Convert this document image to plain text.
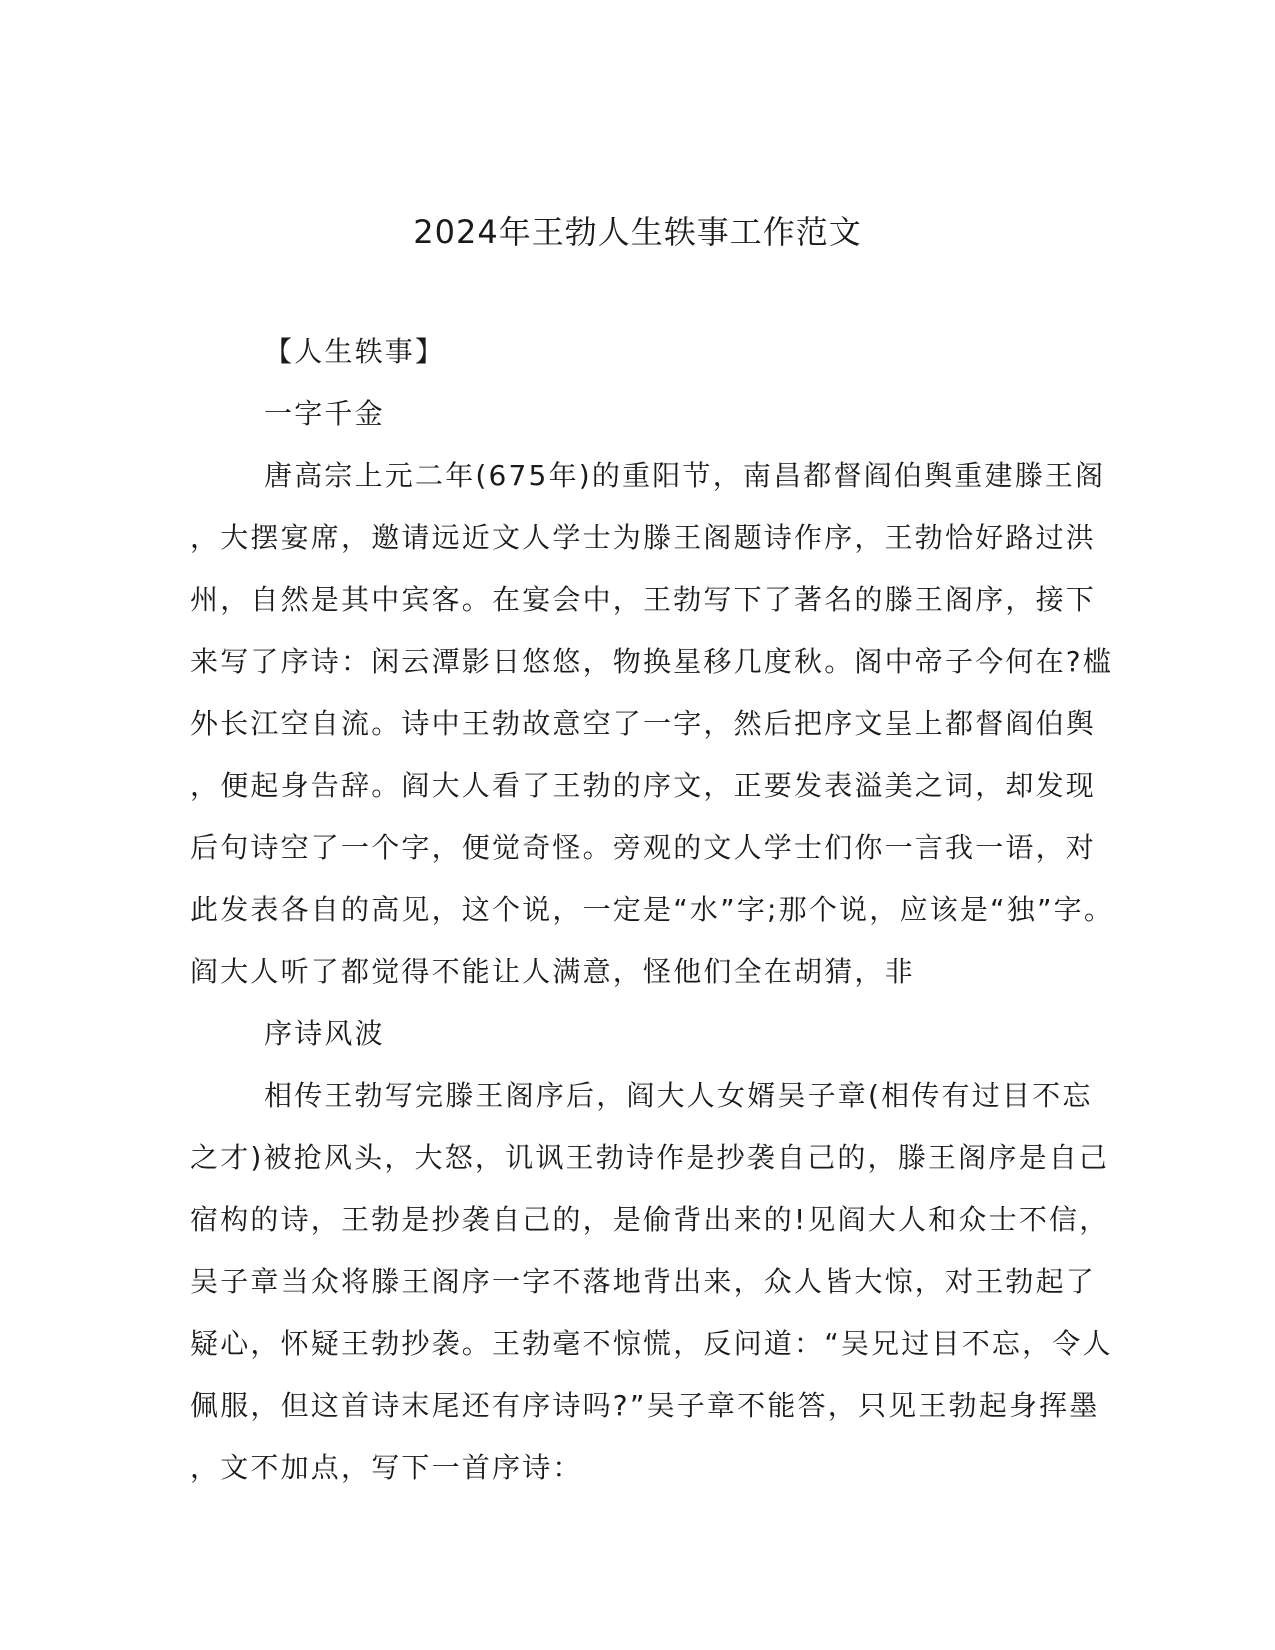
2024年王勃人生轶事工作范文
【人生轶事】
一字千金
唐高宗上元二年(675年)的重阳节，南昌都督阎伯舆重建滕王阁
，大摆宴席，邀请远近文人学士为滕王阁题诗作序，王勃恰好路过洪
州，自然是其中宾客。在宴会中，王勃写下了著名的滕王阁序，接下
来写了序诗：闲云潭影日悠悠，物换星移几度秋。阁中帝子今何在?槛
外长江空自流。诗中王勃故意空了一字，然后把序文呈上都督阎伯舆
，便起身告辞。阎大人看了王勃的序文，正要发表溢美之词，却发现
后句诗空了一个字，便觉奇怪。旁观的文人学士们你一言我一语，对
此发表各自的高见，这个说，一定是“水”字;那个说，应该是“独”字。
阎大人听了都觉得不能让人满意，怪他们全在胡猜，非
序诗风波
相传王勃写完滕王阁序后，阎大人女婿吴子章(相传有过目不忘
之才)被抢风头，大怒，讥讽王勃诗作是抄袭自己的，滕王阁序是自己
宿构的诗，王勃是抄袭自己的，是偷背出来的!见阎大人和众士不信，
吴子章当众将滕王阁序一字不落地背出来，众人皆大惊，对王勃起了
疑心，怀疑王勃抄袭。王勃毫不惊慌，反问道：“吴兄过目不忘，令人
佩服，但这首诗末尾还有序诗吗?”吴子章不能答，只见王勃起身挥墨
，文不加点，写下一首序诗：
